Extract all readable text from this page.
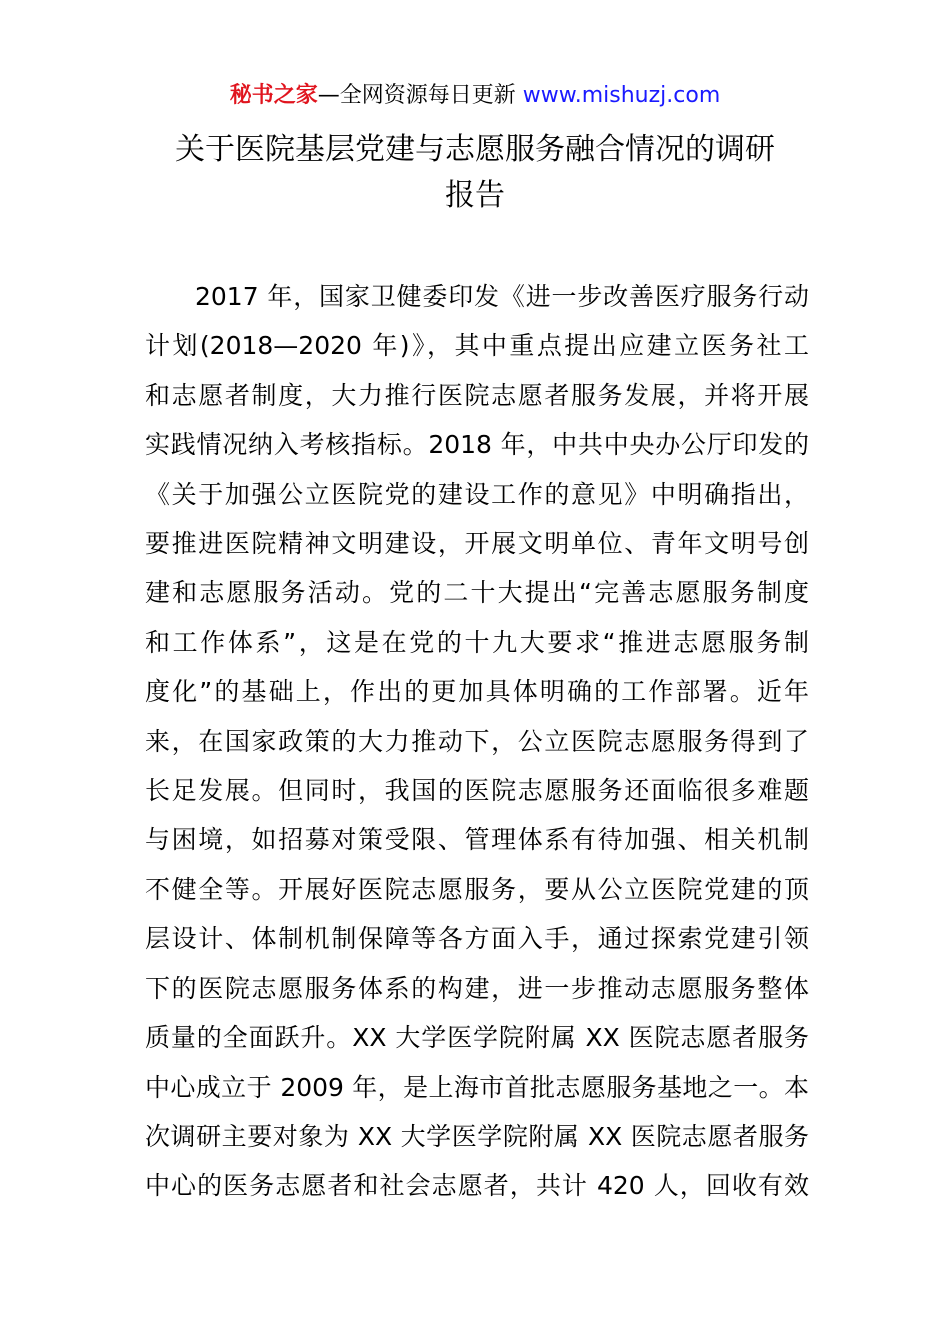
秘书之家—全网资源每日更新 www.mishuzj.com
关于医院基层党建与志愿服务融合情况的调研
报告
2017 年，国家卫健委印发《进一步改善医疗服务行动
计划(2018—2020 年)》，其中重点提出应建立医务社工
和志愿者制度，大力推行医院志愿者服务发展，并将开展
实践情况纳入考核指标。2018 年，中共中央办公厅印发的
《关于加强公立医院党的建设工作的意见》中明确指出，
要推进医院精神文明建设，开展文明单位、青年文明号创
建和志愿服务活动。党的二十大提出“完善志愿服务制度
和工作体系”，这是在党的十九大要求“推进志愿服务制
度化”的基础上，作出的更加具体明确的工作部署。近年
来，在国家政策的大力推动下，公立医院志愿服务得到了
长足发展。但同时，我国的医院志愿服务还面临很多难题
与困境，如招募对策受限、管理体系有待加强、相关机制
不健全等。开展好医院志愿服务，要从公立医院党建的顶
层设计、体制机制保障等各方面入手，通过探索党建引领
下的医院志愿服务体系的构建，进一步推动志愿服务整体
质量的全面跃升。XX 大学医学院附属 XX 医院志愿者服务
中心成立于 2009 年，是上海市首批志愿服务基地之一。本
次调研主要对象为 XX 大学医学院附属 XX 医院志愿者服务
中心的医务志愿者和社会志愿者，共计 420 人，回收有效
